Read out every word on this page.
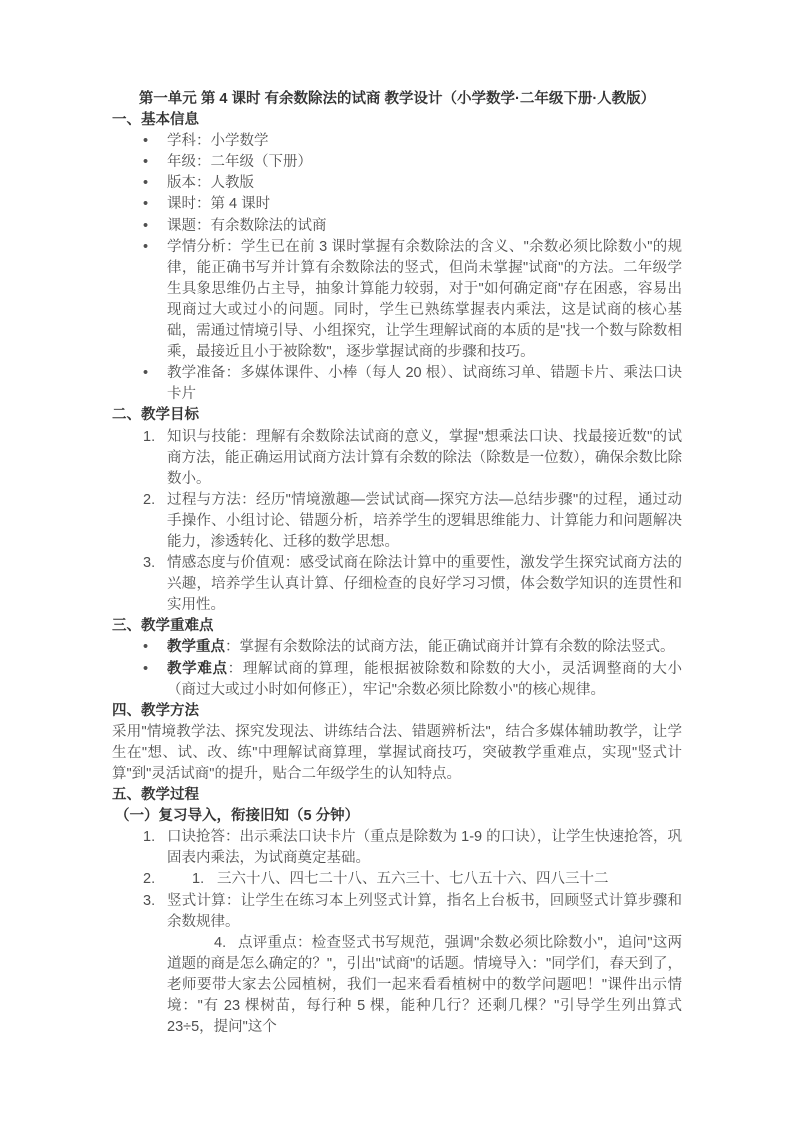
第一单元 第 4 课时 有余数除法的试商 教学设计（小学数学·二年级下册·人教版）

一、基本信息
• 学科：小学数学
• 年级：二年级（下册）
• 版本：人教版
• 课时：第 4 课时
• 课题：有余数除法的试商
• 学情分析：学生已在前 3 课时掌握有余数除法的含义、"余数必须比除数小"的规律，能正确书写并计算有余数除法的竖式，但尚未掌握"试商"的方法。二年级学生具象思维仍占主导，抽象计算能力较弱，对于"如何确定商"存在困惑，容易出现商过大或过小的问题。同时，学生已熟练掌握表内乘法，这是试商的核心基础，需通过情境引导、小组探究，让学生理解试商的本质的是"找一个数与除数相乘，最接近且小于被除数"，逐步掌握试商的步骤和技巧。
• 教学准备：多媒体课件、小棒（每人 20 根）、试商练习单、错题卡片、乘法口诀卡片
二、教学目标
知识与技能：理解有余数除法试商的意义，掌握"想乘法口诀、找最接近数"的试商方法，能正确运用试商方法计算有余数的除法（除数是一位数），确保余数比除数小。
过程与方法：经历"情境激趣—尝试试商—探究方法—总结步骤"的过程，通过动手操作、小组讨论、错题分析，培养学生的逻辑思维能力、计算能力和问题解决能力，渗透转化、迁移的数学思想。
情感态度与价值观：感受试商在除法计算中的重要性，激发学生探究试商方法的兴趣，培养学生认真计算、仔细检查的良好学习习惯，体会数学知识的连贯性和实用性。
三、教学重难点
• 教学重点：掌握有余数除法的试商方法，能正确试商并计算有余数的除法竖式。
• 教学难点：理解试商的算理，能根据被除数和除数的大小，灵活调整商的大小（商过大或过小时如何修正），牢记"余数必须比除数小"的核心规律。
四、教学方法

采用"情境教学法、探究发现法、讲练结合法、错题辨析法"，结合多媒体辅助教学，让学生在"想、试、改、练"中理解试商算理，掌握试商技巧，突破教学重难点，实现"竖式计算"到"灵活试商"的提升，贴合二年级学生的认知特点。

五、教学过程
（一）复习导入，衔接旧知（5 分钟）
口诀抢答：出示乘法口诀卡片（重点是除数为 1-9 的口诀），让学生快速抢答，巩固表内乘法，为试商奠定基础。
三六十八、四七二十八、五六三十、七八五十六、四八三十二
竖式计算：让学生在练习本上列竖式计算，指名上台板书，回顾竖式计算步骤和余数规律。
点评重点：检查竖式书写规范，强调"余数必须比除数小"，追问"这两道题的商是怎么确定的？"，引出"试商"的话题。情境导入："同学们，春天到了，老师要带大家去公园植树，我们一起来看看植树中的数学问题吧！"课件出示情境："有 23 棵树苗，每行种 5 棵，能种几行？还剩几棵？"引导学生列出算式 23÷5，提问"这个
